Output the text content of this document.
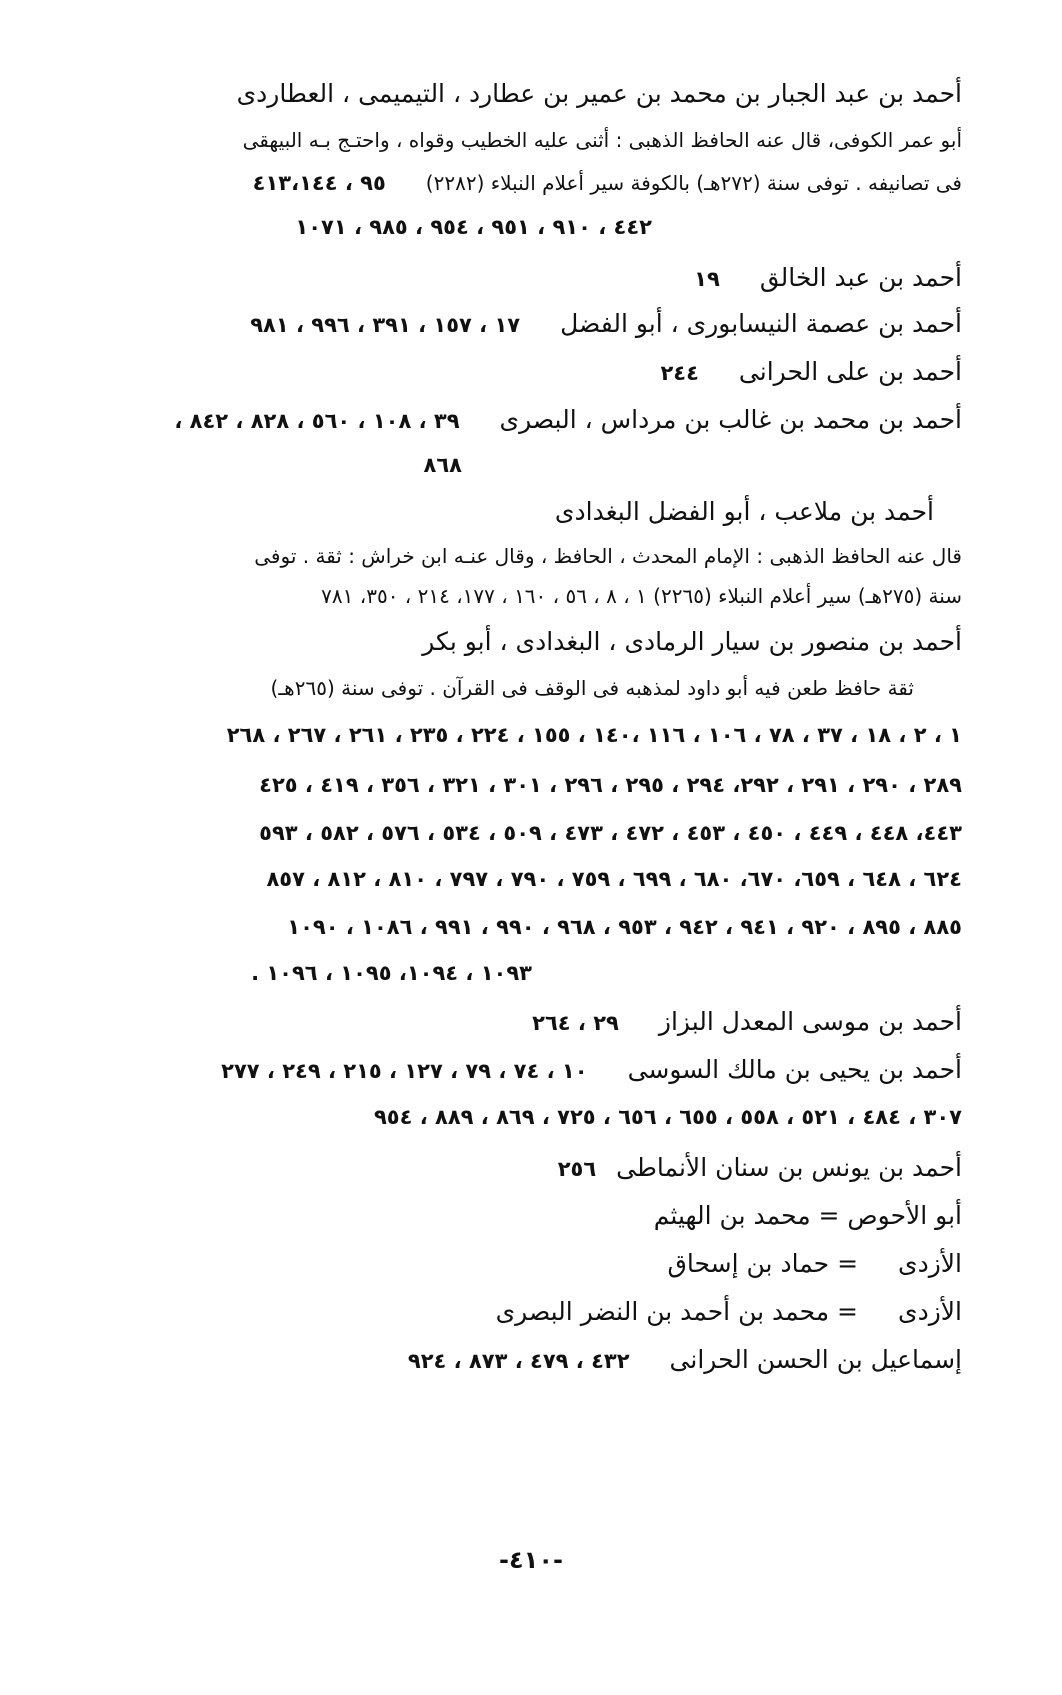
أحمد بن عبد الجبار بن محمد بن عمير بن عطارد ، التيميمى ، العطاردى
أبو عمر الكوفى، قال عنه الحافظ الذهبى : أثنى عليه الخطيب وقواه ، واحتـج بـه البيهقى
فى تصانيفه . توفى سنة (٢٧٢هـ) بالكوفة سير أعلام النبلاء (٢٢٨٢)٩٥ ، ٤١٣،١٤٤
٤٤٢ ، ٩١٠ ، ٩٥١ ، ٩٥٤ ، ٩٨٥ ، ١٠٧١
أحمد بن عبد الخالق١٩
أحمد بن عصمة النيسابورى ، أبو الفضل١٧ ، ١٥٧ ، ٣٩١ ، ٩٩٦ ، ٩٨١
أحمد بن على الحرانى٢٤٤
أحمد بن محمد بن غالب بن مرداس ، البصرى٣٩ ، ١٠٨ ، ٥٦٠ ، ٨٢٨ ، ٨٤٢ ،
٨٦٨
أحمد بن ملاعب ، أبو الفضل البغدادى
قال عنه الحافظ الذهبى : الإمام المحدث ، الحافظ ، وقال عنـه ابن خراش : ثقة . توفى
سنة (٢٧٥هـ) سير أعلام النبلاء (٢٢٦٥) ١ ، ٨ ، ٥٦ ، ١٦٠ ، ١٧٧، ٢١٤ ، ٣٥٠، ٧٨١
أحمد بن منصور بن سيار الرمادى ، البغدادى ، أبو بكر
ثقة حافظ طعن فيه أبو داود لمذهبه فى الوقف فى القرآن . توفى سنة (٢٦٥هـ)
١ ، ٢ ، ١٨ ، ٣٧ ، ٧٨ ، ١٠٦ ، ١١٦ ،١٤٠ ، ١٥٥ ، ٢٢٤ ، ٢٣٥ ، ٢٦١ ، ٢٦٧ ، ٢٦٨
٢٨٩ ، ٢٩٠ ، ٢٩١ ، ٢٩٢، ٢٩٤ ، ٢٩٥ ، ٢٩٦ ، ٣٠١ ، ٣٢١ ، ٣٥٦ ، ٤١٩ ، ٤٢٥
٤٤٣، ٤٤٨ ، ٤٤٩ ، ٤٥٠ ، ٤٥٣ ، ٤٧٢ ، ٤٧٣ ، ٥٠٩ ، ٥٣٤ ، ٥٧٦ ، ٥٨٢ ، ٥٩٣
٦٢٤ ، ٦٤٨ ، ٦٥٩، ٦٧٠، ٦٨٠ ، ٦٩٩ ، ٧٥٩ ، ٧٩٠ ، ٧٩٧ ، ٨١٠ ، ٨١٢ ، ٨٥٧
٨٨٥ ، ٨٩٥ ، ٩٢٠ ، ٩٤١ ، ٩٤٢ ، ٩٥٣ ، ٩٦٨ ، ٩٩٠ ، ٩٩١ ، ١٠٨٦ ، ١٠٩٠
١٠٩٣ ، ١٠٩٤، ١٠٩٥ ، ١٠٩٦ .
أحمد بن موسى المعدل البزاز٢٩ ، ٢٦٤
أحمد بن يحيى بن مالك السوسى١٠ ، ٧٤ ، ٧٩ ، ١٢٧ ، ٢١٥ ، ٢٤٩ ، ٢٧٧
٣٠٧ ، ٤٨٤ ، ٥٢١ ، ٥٥٨ ، ٦٥٥ ، ٦٥٦ ، ٧٢٥ ، ٨٦٩ ، ٨٨٩ ، ٩٥٤
أحمد بن يونس بن سنان الأنماطى٢٥٦
أبو الأحوص = محمد بن الهيثم
الأزدى= حماد بن إسحاق
الأزدى= محمد بن أحمد بن النضر البصرى
إسماعيل بن الحسن الحرانى٤٣٢ ، ٤٧٩ ، ٨٧٣ ، ٩٢٤
-٤١٠-
